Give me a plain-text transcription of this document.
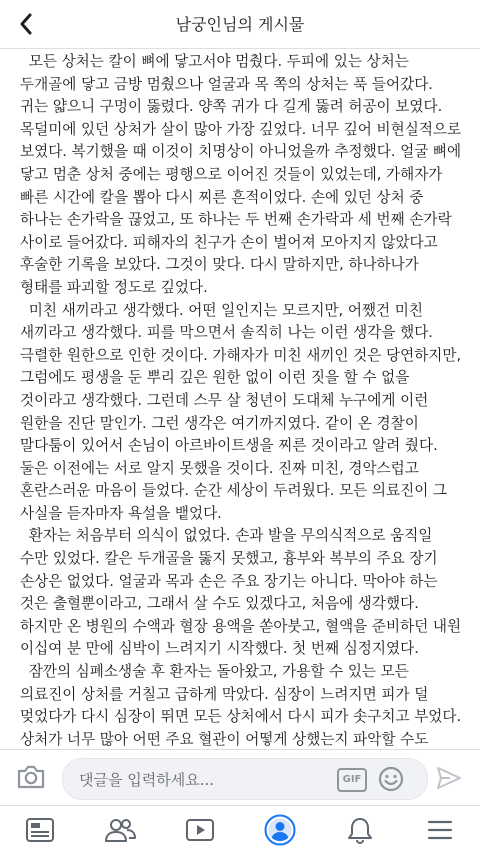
남궁인님의 게시물

모든 상처는 칼이 뼈에 닿고서야 멈췄다. 두피에 있는 상처는 두개골에 닿고 금방 멈췄으나 얼굴과 목 쪽의 상처는 푹 들어갔다. 귀는 얇으니 구멍이 뚫렸다. 양쪽 귀가 다 길게 뚫려 허공이 보였다. 목덜미에 있던 상처가 살이 많아 가장 깊었다. 너무 깊어 비현실적으로 보였다. 복기했을 때 이것이 치명상이 아니었을까 추정했다. 얼굴 뼈에 닿고 멈춘 상처 중에는 평행으로 이어진 것들이 있었는데, 가해자가 빠른 시간에 칼을 뽑아 다시 찌른 흔적이었다. 손에 있던 상처 중 하나는 손가락을 끊었고, 또 하나는 두 번째 손가락과 세 번째 손가락 사이로 들어갔다. 피해자의 친구가 손이 벌어져 모아지지 않았다고 후술한 기록을 보았다. 그것이 맞다. 다시 말하지만, 하나하나가 형태를 파괴할 정도로 깊었다.

미친 새끼라고 생각했다. 어떤 일인지는 모르지만, 어쨌건 미친 새끼라고 생각했다. 피를 막으면서 솔직히 나는 이런 생각을 했다. 극렬한 원한으로 인한 것이다. 가해자가 미친 새끼인 것은 당연하지만, 그럼에도 평생을 둔 뿌리 깊은 원한 없이 이런 짓을 할 수 없을 것이라고 생각했다. 그런데 스무 살 청년이 도대체 누구에게 이런 원한을 진단 말인가. 그런 생각은 여기까지였다. 같이 온 경찰이 말다툼이 있어서 손님이 아르바이트생을 찌른 것이라고 알려 줬다. 둘은 이전에는 서로 알지 못했을 것이다. 진짜 미친, 경악스럽고 혼란스러운 마음이 들었다. 순간 세상이 두려웠다. 모든 의료진이 그 사실을 듣자마자 욕설을 뱉었다.

환자는 처음부터 의식이 없었다. 손과 발을 무의식적으로 움직일 수만 있었다. 칼은 두개골을 뚫지 못했고, 흉부와 복부의 주요 장기 손상은 없었다. 얼굴과 목과 손은 주요 장기는 아니다. 막아야 하는 것은 출혈뿐이라고, 그래서 살 수도 있겠다고, 처음에 생각했다. 하지만 온 병원의 수액과 혈장 용액을 쏟아붓고, 혈액을 준비하던 내원 이십여 분 만에 심박이 느려지기 시작했다. 첫 번째 심정지였다.

잠깐의 심폐소생술 후 환자는 돌아왔고, 가용할 수 있는 모든 의료진이 상처를 거칠고 급하게 막았다. 심장이 느려지면 피가 덜 멎었다가 다시 심장이 뛰면 모든 상처에서 다시 피가 솟구치고 부었다. 상처가 너무 많아 어떤 주요 혈관이 어떻게 상했는지 파악할 수도

댓글을 입력하세요...
GIF
